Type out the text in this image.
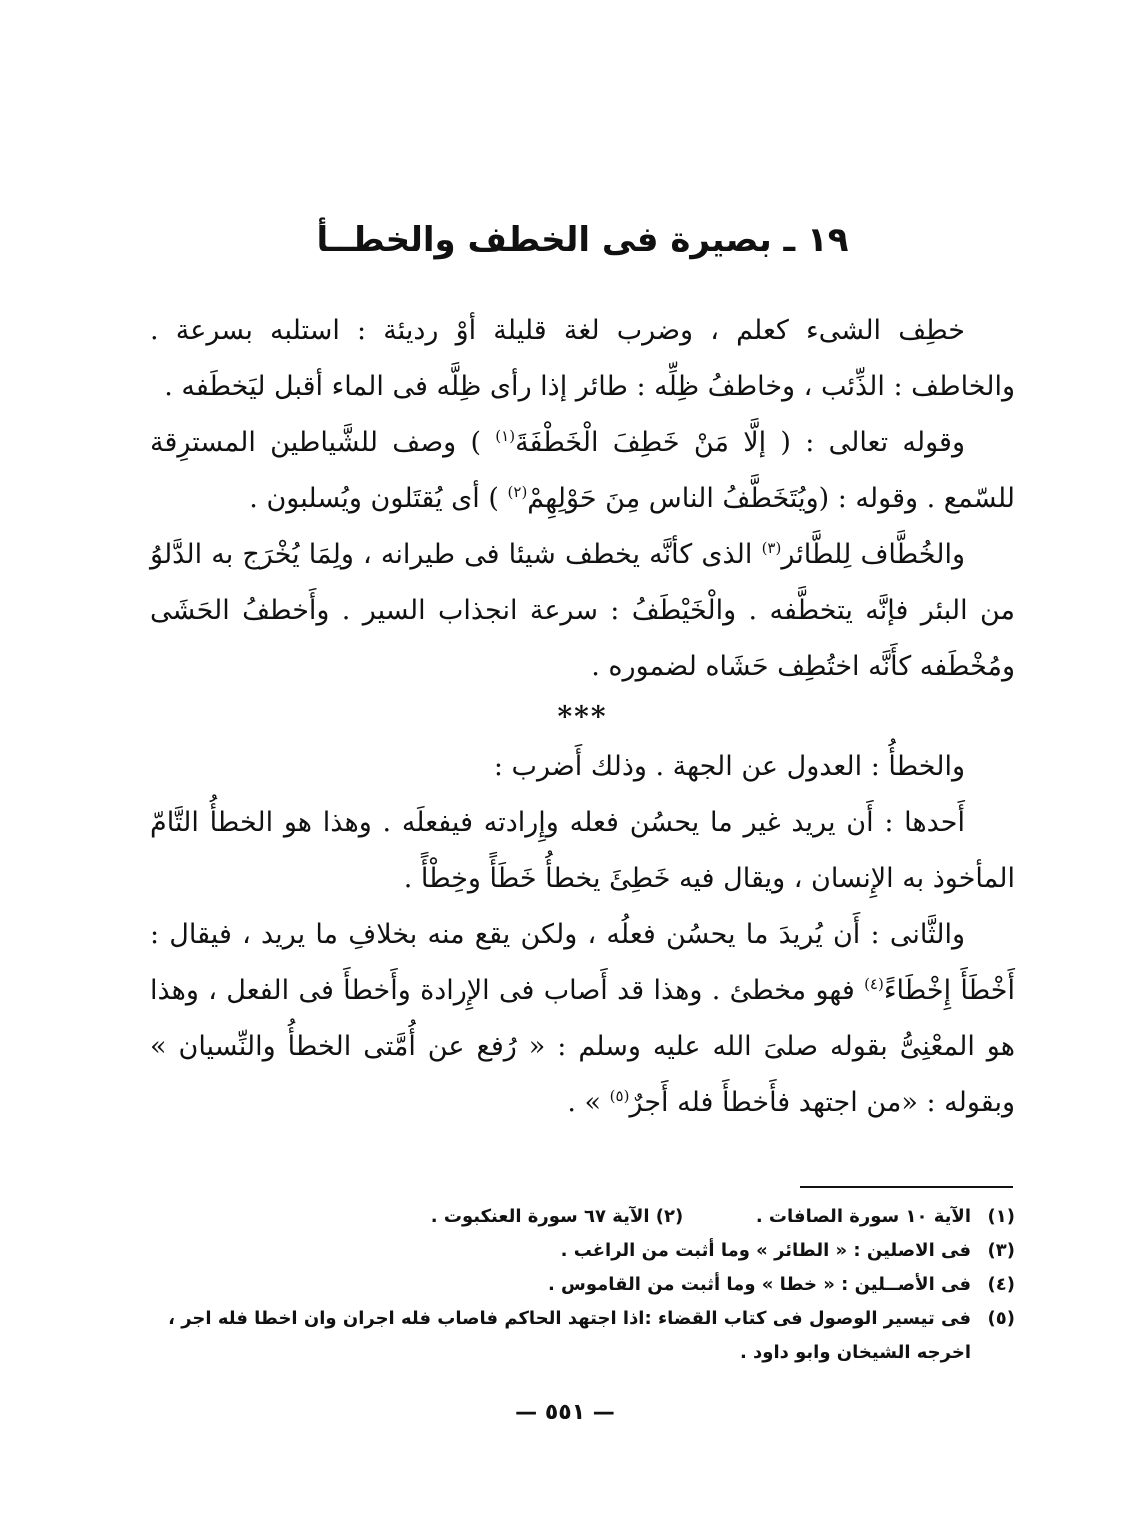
١٩ ـ بصيرة فى الخطف والخطــأ

خطِف الشىء كعلم ، وضرب لغة قليلة أوْ رديئة : استلبه بسرعة . والخاطف : الذِّئب ، وخاطفُ ظِلِّه : طائر إذا رأى ظِلَّه فى الماء أقبل ليَخطَفه .

وقوله تعالى : ( إلَّا مَنْ خَطِفَ الْخَطْفَةَ$^{(١)}$ ) وصف للشَّياطين المسترِقة للسّمع . وقوله : (ويُتَخَطَّفُ الناس مِنَ حَوْلِهِمْ$^{(٢)}$ ) أى يُقتَلون ويُسلبون .

والخُطَّاف لِلطَّائر$^{(٣)}$ الذى كأنَّه يخطف شيئا فى طيرانه ، ولِمَا يُخْرَج به الدَّلوُ من البئر فإنَّه يتخطَّفه . والْخَيْطَفُ : سرعة انجذاب السير . وأَخطفُ الحَشَى ومُخْطَفه كأَنَّه اختُطِف حَشَاه لضموره .

***

والخطأُ : العدول عن الجهة . وذلك أَضرب :

أَحدها : أَن يريد غير ما يحسُن فعله وإِرادته فيفعلَه . وهذا هو الخطأُ التَّامّ المأخوذ به الإِنسان ، ويقال فيه خَطِئَ يخطأُ خَطَأً وخِطْأً .

والثَّانى : أَن يُريدَ ما يحسُن فعلُه ، ولكن يقع منه بخلافِ ما يريد ، فيقال : أَخْطَأَ إِخْطَاءً$^{(٤)}$ فهو مخطئ . وهذا قد أَصاب فى الإِرادة وأَخطأَ فى الفعل ، وهذا هو المعْنِىُّ بقوله صلىَ الله عليه وسلم : « رُفع عن أُمَّتى الخطأُ والنِّسيان » وبقوله : «من اجتهد فأَخطأَ فله أَجرٌ$^{(٥)}$ » .

(١)
الآية ١٠ سورة الصافات .  (٢) الآية ٦٧ سورة العنكبوت .
(٣)
فى الاصلين : « الطائر » وما أثبت من الراغب .
(٤)
فى الأصــلين : « خطا » وما أثبت من القاموس .
(٥)
فى تيسير الوصول فى كتاب القضاء :اذا اجتهد الحاكم فاصاب فله اجران وان اخطا فله اجر ، اخرجه الشيخان وابو داود .
— ٥٥١ —
